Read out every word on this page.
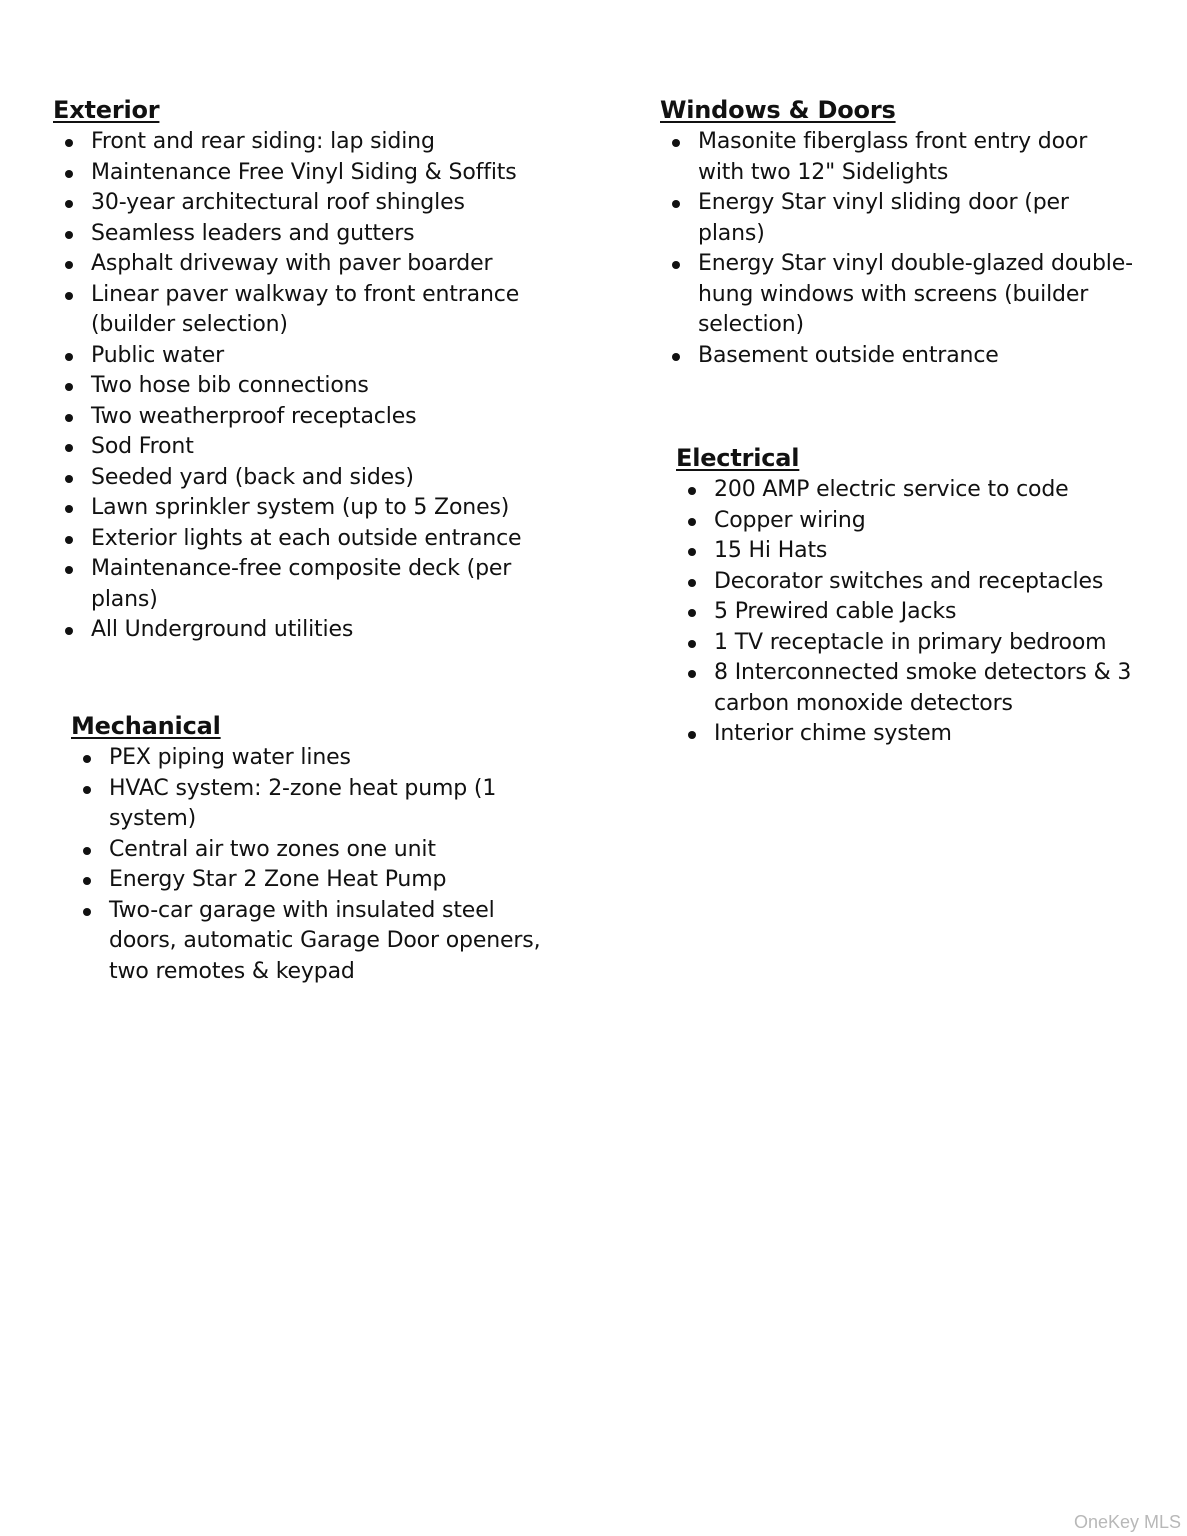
Exterior
Front and rear siding: lap siding
Maintenance Free Vinyl Siding & Soffits
30-year architectural roof shingles
Seamless leaders and gutters
Asphalt driveway with paver boarder
Linear paver walkway to front entrance (builder selection)
Public water
Two hose bib connections
Two weatherproof receptacles
Sod Front
Seeded yard (back and sides)
Lawn sprinkler system (up to 5 Zones)
Exterior lights at each outside entrance
Maintenance-free composite deck (per plans)
All Underground utilities
Windows & Doors
Masonite fiberglass front entry door with two 12" Sidelights
Energy Star vinyl sliding door (per plans)
Energy Star vinyl double-glazed double-hung windows with screens (builder selection)
Basement outside entrance
Electrical
200 AMP electric service to code
Copper wiring
15 Hi Hats
Decorator switches and receptacles
5 Prewired cable Jacks
1 TV receptacle in primary bedroom
8 Interconnected smoke detectors & 3 carbon monoxide detectors
Interior chime system
Mechanical
PEX piping water lines
HVAC system: 2-zone heat pump (1 system)
Central air two zones one unit
Energy Star 2 Zone Heat Pump
Two-car garage with insulated steel doors, automatic Garage Door openers, two remotes & keypad
OneKey MLS
